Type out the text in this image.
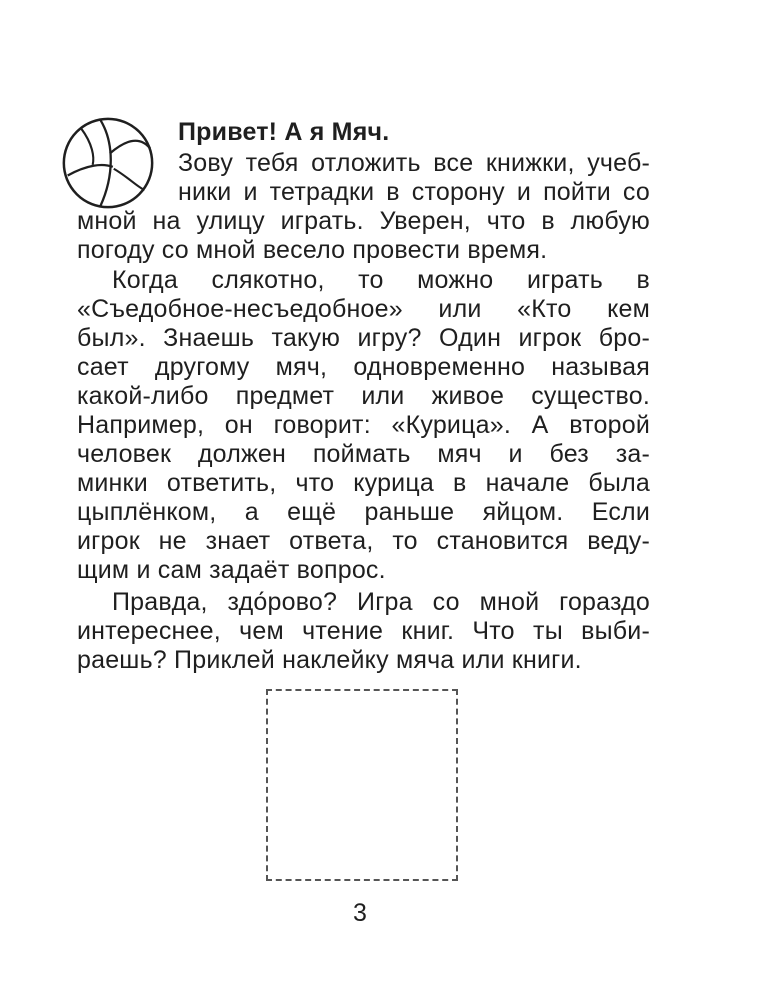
Привет! А я Мяч.
Зову тебя отложить все книжки, учеб-
ники и тетрадки в сторону и пойти со
мной на улицу играть. Уверен, что в любую
погоду со мной весело провести время.
Когда слякотно, то можно играть в
«Съедобное-несъедобное» или «Кто кем
был». Знаешь такую игру? Один игрок бро-
сает другому мяч, одновременно называя
какой-либо предмет или живое существо.
Например, он говорит: «Курица». А второй
человек должен поймать мяч и без за-
минки ответить, что курица в начале была
цыплёнком, а ещё раньше яйцом. Если
игрок не знает ответа, то становится веду-
щим и сам задаёт вопрос.
Правда, здо́рово? Игра со мной гораздо
интереснее, чем чтение книг. Что ты выби-
раешь? Приклей наклейку мяча или книги.
3
